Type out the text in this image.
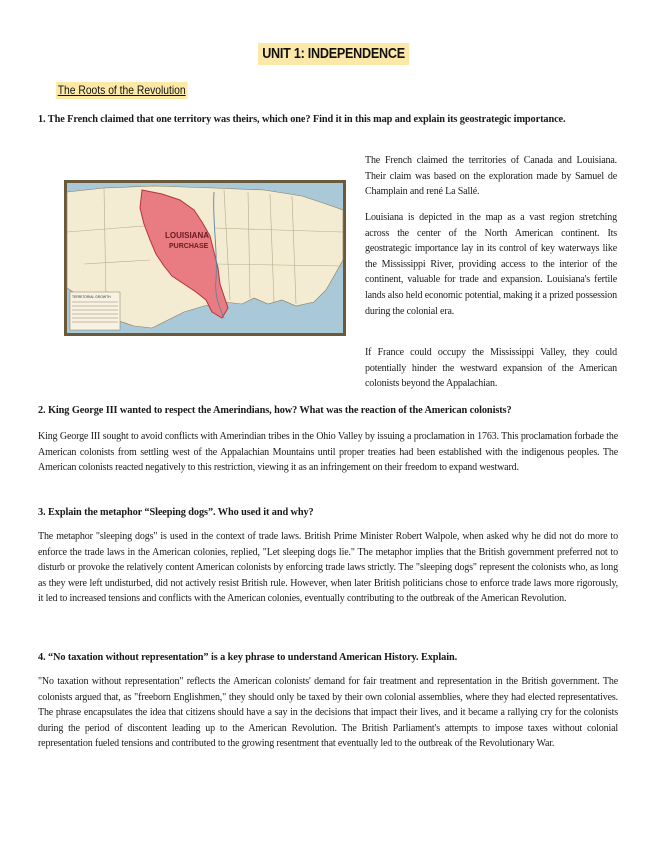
UNIT 1: INDEPENDENCE
The Roots of the Revolution
1. The French claimed that one territory was theirs, which one? Find it in this map and explain its geostrategic importance.
LOUISIANA
PURCHASE
TERRITORIAL GROWTH

The French claimed the territories of Canada and Louisiana. Their claim was based on the exploration made by Samuel de Champlain and rené La Sallé.

Louisiana is depicted in the map as a vast region stretching across the center of the North American continent. Its geostrategic importance lay in its control of key waterways like the Mississippi River, providing access to the interior of the continent, valuable for trade and expansion. Louisiana's fertile lands also held economic potential, making it a prized possession during the colonial era.

If France could occupy the Mississippi Valley, they could potentially hinder the westward expansion of the American colonists beyond the Appalachian.

2. King George III wanted to respect the Amerindians, how? What was the reaction of the American colonists?

King George III sought to avoid conflicts with Amerindian tribes in the Ohio Valley by issuing a proclamation in 1763. This proclamation forbade the American colonists from settling west of the Appalachian Mountains until proper treaties had been established with the indigenous peoples. The American colonists reacted negatively to this restriction, viewing it as an infringement on their freedom to expand westward.

3. Explain the metaphor “Sleeping dogs”. Who used it and why?

The metaphor "sleeping dogs" is used in the context of trade laws. British Prime Minister Robert Walpole, when asked why he did not do more to enforce the trade laws in the American colonies, replied, "Let sleeping dogs lie." The metaphor implies that the British government preferred not to disturb or provoke the relatively content American colonists by enforcing trade laws strictly. The "sleeping dogs" represent the colonists who, as long as they were left undisturbed, did not actively resist British rule. However, when later British politicians chose to enforce trade laws more rigorously, it led to increased tensions and conflicts with the American colonies, eventually contributing to the outbreak of the American Revolution.

4. “No taxation without representation” is a key phrase to understand American History. Explain.

"No taxation without representation" reflects the American colonists' demand for fair treatment and representation in the British government. The colonists argued that, as "freeborn Englishmen," they should only be taxed by their own colonial assemblies, where they had elected representatives. The phrase encapsulates the idea that citizens should have a say in the decisions that impact their lives, and it became a rallying cry for the colonists during the period of discontent leading up to the American Revolution. The British Parliament's attempts to impose taxes without colonial representation fueled tensions and contributed to the growing resentment that eventually led to the outbreak of the Revolutionary War.
